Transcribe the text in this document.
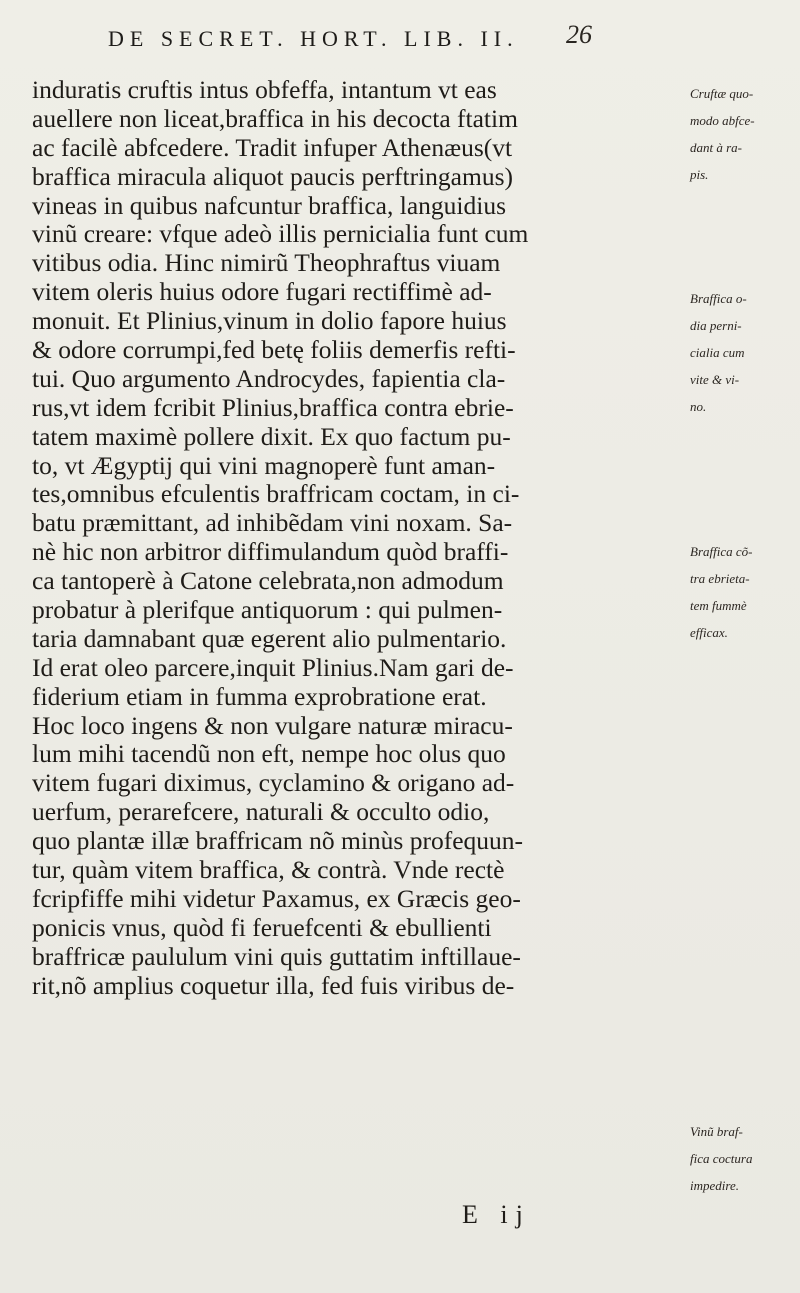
DE SECRET. HORT. LIB. II. 26
induratis cruftis intus obfeffa, intantum vt eas
auellere non liceat,braffica in his decocta ftatim
ac facilè abfcedere. Tradit infuper Athenæus(vt
braffica miracula aliquot paucis perftringamus)
vineas in quibus nafcuntur braffica, languidius
vinũ creare: vfque adeò illis pernicialia funt cum
vitibus odia. Hinc nimirũ Theophraftus viuam
vitem oleris huius odore fugari rectiffimè ad-
monuit. Et Plinius,vinum in dolio fapore huius
& odore corrumpi,fed betę foliis demerfis refti-
tui. Quo argumento Androcydes, fapientia cla-
rus,vt idem fcribit Plinius,braffica contra ebrie-
tatem maximè pollere dixit. Ex quo factum pu-
to, vt Ægyptij qui vini magnoperè funt aman-
tes,omnibus efculentis braffricam coctam, in ci-
batu præmittant, ad inhibẽdam vini noxam. Sa-
nè hic non arbitror diffimulandum quòd braffi-
ca tantoperè à Catone celebrata,non admodum
probatur à plerifque antiquorum : qui pulmen-
taria damnabant quæ egerent alio pulmentario.
Id erat oleo parcere,inquit Plinius.Nam gari de-
fiderium etiam in fumma exprobratione erat.
Hoc loco ingens & non vulgare naturæ miracu-
lum mihi tacendũ non eft, nempe hoc olus quo
vitem fugari diximus, cyclamino & origano ad-
uerfum, perarefcere, naturali & occulto odio,
quo plantæ illæ braffricam nõ minùs profequun-
tur, quàm vitem braffica, & contrà. Vnde rectè
fcripfiffe mihi videtur Paxamus, ex Græcis geo-
ponicis vnus, quòd fi feruefcenti & ebullienti
braffricæ paululum vini quis guttatim inftillaue-
rit,nõ amplius coquetur illa, fed fuis viribus de-
E ij
Cruftæ quo-
modo abfce-
dant à ra-
pis.
Braffica o-
dia perni-
cialia cum
vite & vi-
no.
Braffica cõ-
tra ebrieta-
tem fummè
efficax.
Vinũ braf-
fica coctura
impedire.
